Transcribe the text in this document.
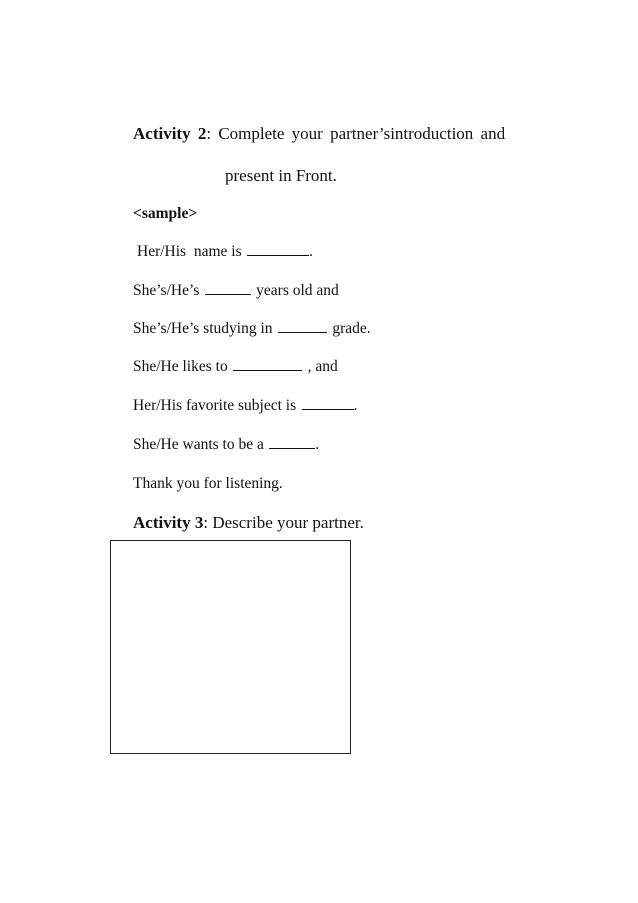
Activity 2: Complete your partner’sintroduction and
present in Front.
<sample>
Her/His  name is	.
She’s/He’s	years old and
She’s/He’s studying in	grade.
She/He likes to	, and
Her/His favorite subject is	.
She/He wants to be a	.
Thank you for listening.
Activity 3: Describe your partner.
